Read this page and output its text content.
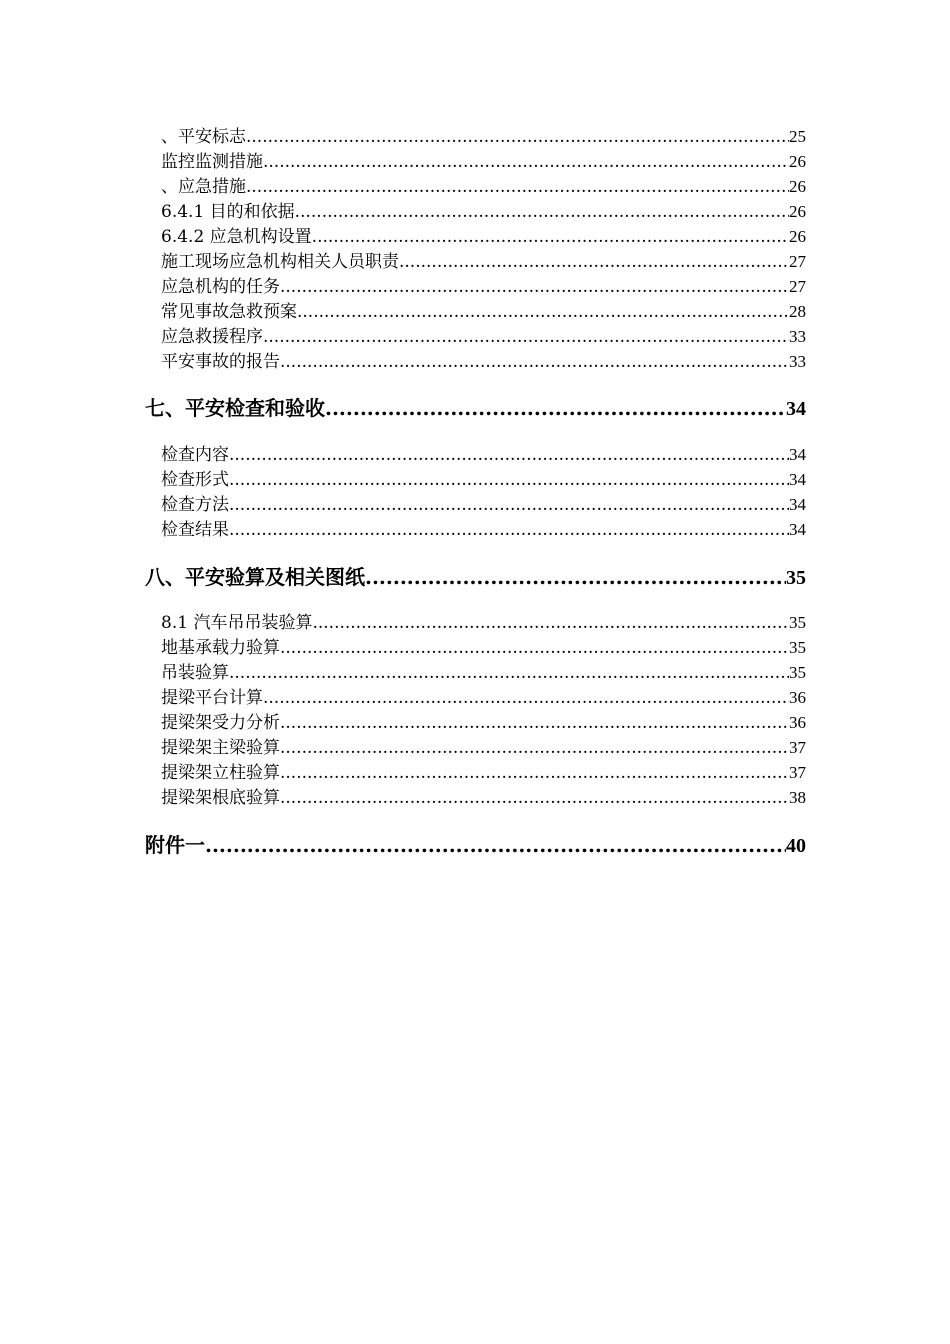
、平安标志 .....	25
监控监测措施 .....	26
、应急措施 .....	26
6.4.1 目的和依据 .....	26
6.4.2 应急机构设置 .....	26
施工现场应急机构相关人员职责 .....	27
应急机构的任务 .....	27
常见事故急救预案 .....	28
应急救援程序 .....	33
平安事故的报告 .....	33
七、平安检查和验收 .....	34
检查内容 .....	34
检查形式 .....	34
检查方法 .....	34
检查结果 .....	34
八、平安验算及相关图纸 .....	35
8.1 汽车吊吊装验算 .....	35
地基承载力验算 .....	35
吊装验算 .....	35
提梁平台计算 .....	36
提梁架受力分析 .....	36
提梁架主梁验算 .....	37
提梁架立柱验算 .....	37
提梁架根底验算 .....	38
附件一 .....	40
